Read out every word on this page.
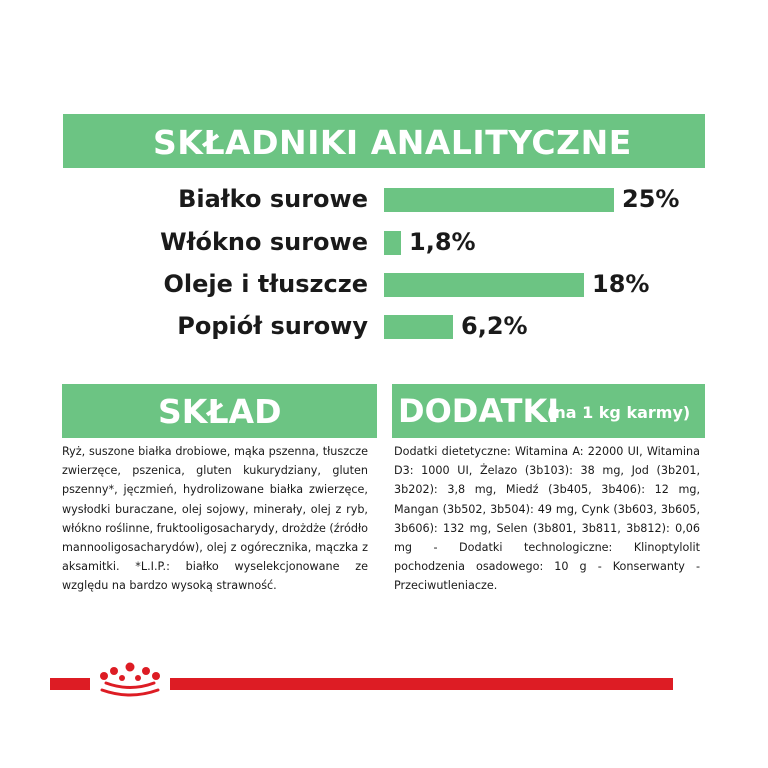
SKŁADNIKI ANALITYCZNE
Białko surowe	25%
Włókno surowe 1,8%
Oleje i tłuszcze	18%
Popiół surowy	6,2%
SKŁAD

Ryż, suszone białka drobiowe, mąka pszenna, tłuszcze zwierzęce, pszenica, gluten kukurydziany, gluten pszenny*, jęczmień, hydrolizowane białka zwierzęce, wysłodki buraczane, olej sojowy, minerały, olej z ryb, włókno roślinne, fruktooligosacharydy, drożdże (źródło mannooligosacharydów), olej z ogórecznika, mączka z aksamitki. *L.I.P.: białko wyselekcjonowane ze względu na bardzo wysoką strawność.

DODATKI
(na 1 kg karmy)

Dodatki dietetyczne: Witamina A: 22000 UI, Witamina D3: 1000 UI, Żelazo (3b103): 38 mg, Jod (3b201, 3b202): 3,8 mg, Miedź (3b405, 3b406): 12 mg, Mangan (3b502, 3b504): 49 mg, Cynk (3b603, 3b605, 3b606): 132 mg, Selen (3b801, 3b811, 3b812): 0,06 mg - Dodatki technologiczne: Klinoptylolit pochodzenia osadowego: 10 g - Konserwanty - Przeciwutleniacze.
